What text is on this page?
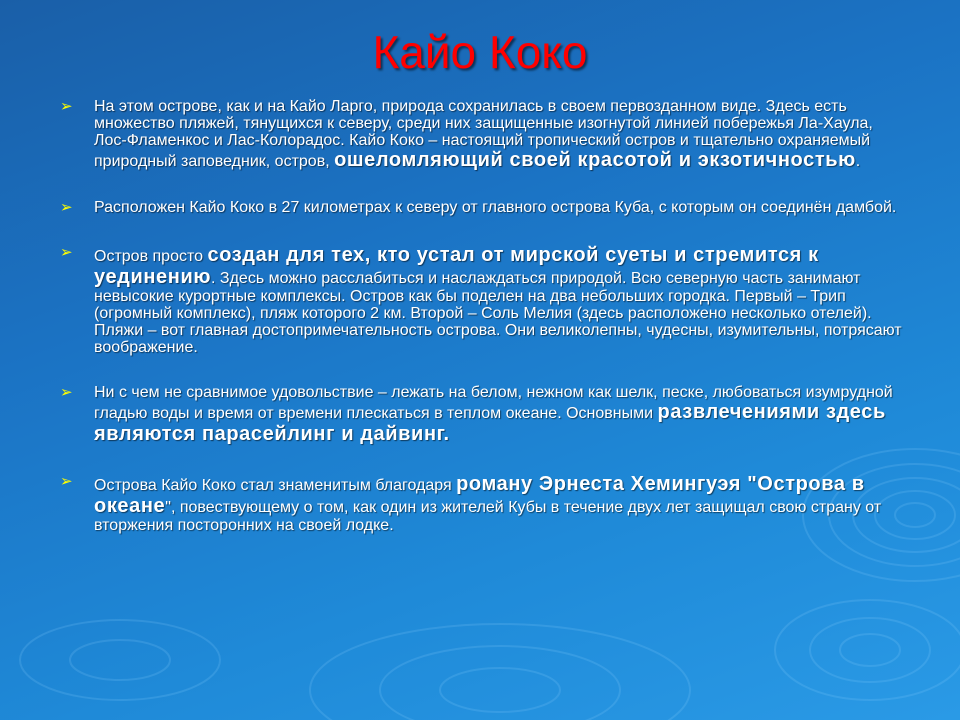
Кайо Коко
➢ На этом острове, как и на Кайо Ларго, природа сохранилась в своем первозданном виде. Здесь есть множество пляжей, тянущихся к северу, среди них защищенные изогнутой линией побережья Ла-Хаула, Лос-Фламенкос и Лас-Колорадос. Кайо Коко – настоящий тропический остров и тщательно охраняемый природный заповедник, остров, ошеломляющий своей красотой и экзотичностью.
➢ Расположен Кайо Коко в 27 километрах к северу от главного острова Куба, с которым он соединён дамбой.
➢ Остров просто создан для тех, кто устал от мирской суеты и стремится к уединению. Здесь можно расслабиться и наслаждаться природой. Всю северную часть занимают невысокие курортные комплексы. Остров как бы поделен на два небольших городка. Первый – Трип (огромный комплекс), пляж которого 2 км. Второй – Соль Мелия (здесь расположено несколько отелей). Пляжи – вот главная достопримечательность острова. Они великолепны, чудесны, изумительны, потрясают воображение.
➢ Ни с чем не сравнимое удовольствие – лежать на белом, нежном как шелк, песке, любоваться изумрудной гладью воды и время от времени плескаться в теплом океане. Основными развлечениями здесь являются парасейлинг и дайвинг.
➢ Острова Кайо Коко стал знаменитым благодаря роману Эрнеста Хемингуэя "Острова в океане", повествующему о том, как один из жителей Кубы в течение двух лет защищал свою страну от вторжения посторонних на своей лодке.
